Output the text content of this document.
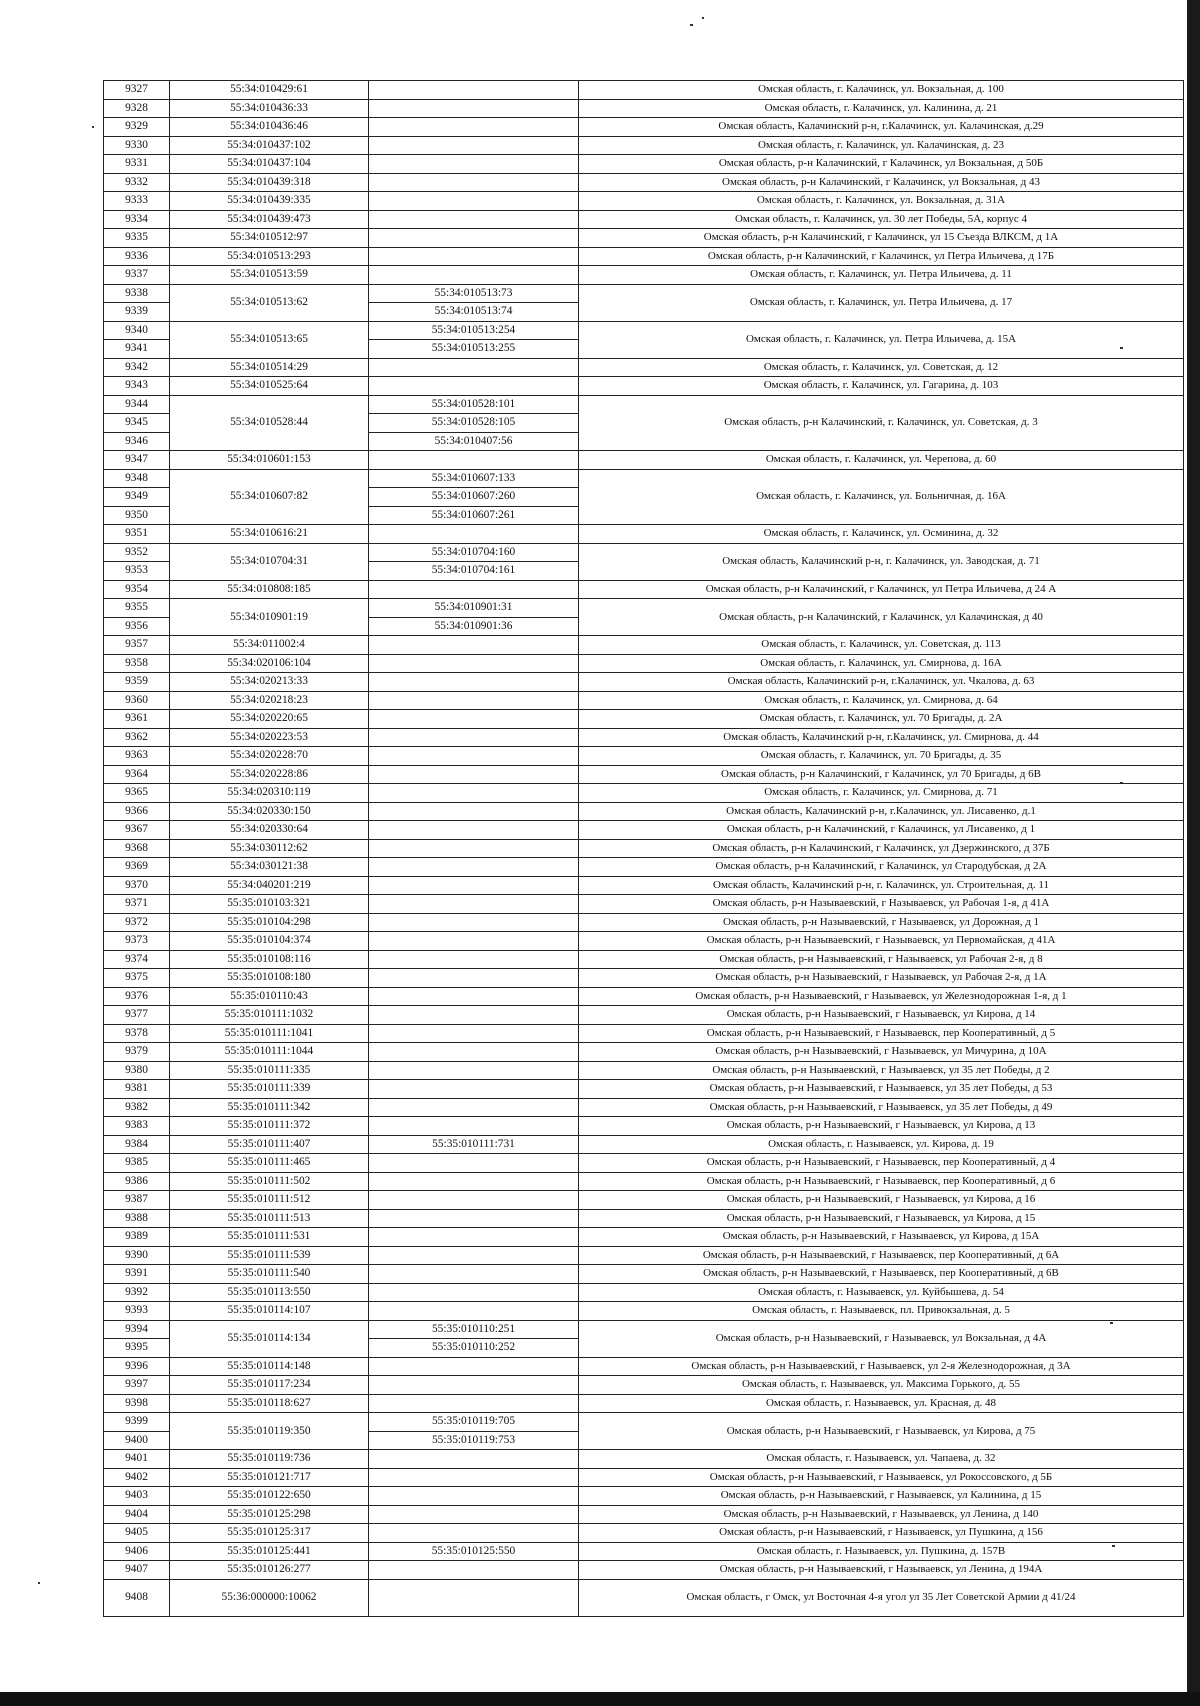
9327	55:34:010429:61		Омская область, г. Калачинск, ул. Вокзальная, д. 100
9328	55:34:010436:33		Омская область, г. Калачинск, ул. Калинина, д. 21
9329	55:34:010436:46		Омская область, Калачинский р-н, г.Калачинск, ул. Калачинская, д.29
9330	55:34:010437:102		Омская область, г. Калачинск, ул. Калачинская, д. 23
9331	55:34:010437:104		Омская область, р-н Калачинский, г Калачинск, ул Вокзальная, д 50Б
9332	55:34:010439:318		Омская область, р-н Калачинский, г Калачинск, ул Вокзальная, д 43
9333	55:34:010439:335		Омская область, г. Калачинск, ул. Вокзальная, д. 31А
9334	55:34:010439:473		Омская область, г. Калачинск, ул. 30 лет Победы, 5А, корпус 4
9335	55:34:010512:97		Омская область, р-н Калачинский, г Калачинск, ул 15 Съезда ВЛКСМ, д 1А
9336	55:34:010513:293		Омская область, р-н Калачинский, г Калачинск, ул Петра Ильичева, д 17Б
9337	55:34:010513:59		Омская область, г. Калачинск, ул. Петра Ильичева, д. 11
9338	55:34:010513:62	55:34:010513:73	Омская область, г. Калачинск, ул. Петра Ильичева, д. 17
9339		55:34:010513:74	
9340	55:34:010513:65	55:34:010513:254	Омская область, г. Калачинск, ул. Петра Ильичева, д. 15А
9341		55:34:010513:255	
9342	55:34:010514:29		Омская область, г. Калачинск, ул. Советская, д. 12
9343	55:34:010525:64		Омская область, г. Калачинск, ул. Гагарина, д. 103
9344	55:34:010528:44	55:34:010528:101	Омская область, р-н Калачинский, г. Калачинск, ул. Советская, д. 3
9345		55:34:010528:105	
9346		55:34:010407:56	
9347	55:34:010601:153		Омская область, г. Калачинск, ул. Черепова, д. 60
9348	55:34:010607:82	55:34:010607:133	Омская область, г. Калачинск, ул. Больничная, д. 16А
9349		55:34:010607:260	
9350		55:34:010607:261	
9351	55:34:010616:21		Омская область, г. Калачинск, ул. Осминина, д. 32
9352	55:34:010704:31	55:34:010704:160	Омская область, Калачинский р-н, г. Калачинск, ул. Заводская, д. 71
9353		55:34:010704:161	
9354	55:34:010808:185		Омская область, р-н Калачинский, г Калачинск, ул Петра Ильичева, д 24 А
9355	55:34:010901:19	55:34:010901:31	Омская область, р-н Калачинский, г Калачинск, ул Калачинская, д 40
9356		55:34:010901:36	
9357	55:34:011002:4		Омская область, г. Калачинск, ул. Советская, д. 113
9358	55:34:020106:104		Омская область, г. Калачинск, ул. Смирнова, д. 16А
9359	55:34:020213:33		Омская область, Калачинский р-н, г.Калачинск, ул. Чкалова, д. 63
9360	55:34:020218:23		Омская область, г. Калачинск, ул. Смирнова, д. 64
9361	55:34:020220:65		Омская область, г. Калачинск, ул. 70 Бригады, д. 2А
9362	55:34:020223:53		Омская область, Калачинский р-н, г.Калачинск, ул. Смирнова, д. 44
9363	55:34:020228:70		Омская область, г. Калачинск, ул. 70 Бригады, д. 35
9364	55:34:020228:86		Омская область, р-н Калачинский, г Калачинск, ул 70 Бригады, д 6В
9365	55:34:020310:119		Омская область, г. Калачинск, ул. Смирнова, д. 71
9366	55:34:020330:150		Омская область, Калачинский р-н, г.Калачинск, ул. Лисавенко, д.1
9367	55:34:020330:64		Омская область, р-н Калачинский, г Калачинск, ул Лисавенко, д 1
9368	55:34:030112:62		Омская область, р-н Калачинский, г Калачинск, ул Дзержинского, д 37Б
9369	55:34:030121:38		Омская область, р-н Калачинский, г Калачинск, ул Стародубская, д 2А
9370	55:34:040201:219		Омская область, Калачинский р-н, г. Калачинск, ул. Строительная, д. 11
9371	55:35:010103:321		Омская область, р-н Называевский, г Называевск, ул Рабочая 1-я, д 41А
9372	55:35:010104:298		Омская область, р-н Называевский, г Называевск, ул Дорожная, д 1
9373	55:35:010104:374		Омская область, р-н Называевский, г Называевск, ул Первомайская, д 41А
9374	55:35:010108:116		Омская область, р-н Называевский, г Называевск, ул Рабочая 2-я, д 8
9375	55:35:010108:180		Омская область, р-н Называевский, г Называевск, ул Рабочая 2-я, д 1А
9376	55:35:010110:43		Омская область, р-н Называевский, г Называевск, ул Железнодорожная 1-я, д 1
9377	55:35:010111:1032		Омская область, р-н Называевский, г Называевск, ул Кирова, д 14
9378	55:35:010111:1041		Омская область, р-н Называевский, г Называевск, пер Кооперативный, д 5
9379	55:35:010111:1044		Омская область, р-н Называевский, г Называевск, ул Мичурина, д 10А
9380	55:35:010111:335		Омская область, р-н Называевский, г Называевск, ул 35 лет Победы, д 2
9381	55:35:010111:339		Омская область, р-н Называевский, г Называевск, ул 35 лет Победы, д 53
9382	55:35:010111:342		Омская область, р-н Называевский, г Называевск, ул 35 лет Победы, д 49
9383	55:35:010111:372		Омская область, р-н Называевский, г Называевск, ул Кирова, д 13
9384	55:35:010111:407	55:35:010111:731	Омская область, г. Называевск, ул. Кирова, д. 19
9385	55:35:010111:465		Омская область, р-н Называевский, г Называевск, пер Кооперативный, д 4
9386	55:35:010111:502		Омская область, р-н Называевский, г Называевск, пер Кооперативный, д 6
9387	55:35:010111:512		Омская область, р-н Называевский, г Называевск, ул Кирова, д 16
9388	55:35:010111:513		Омская область, р-н Называевский, г Называевск, ул Кирова, д 15
9389	55:35:010111:531		Омская область, р-н Называевский, г Называевск, ул Кирова, д 15А
9390	55:35:010111:539		Омская область, р-н Называевский, г Называевск, пер Кооперативный, д 6А
9391	55:35:010111:540		Омская область, р-н Называевский, г Называевск, пер Кооперативный, д 6В
9392	55:35:010113:550		Омская область, г. Называевск, ул. Куйбышева, д. 54
9393	55:35:010114:107		Омская область, г. Называевск, пл. Привокзальная, д. 5
9394	55:35:010114:134	55:35:010110:251	Омская область, р-н Называевский, г Называевск, ул Вокзальная, д 4А
9395		55:35:010110:252	
9396	55:35:010114:148		Омская область, р-н Называевский, г Называевск, ул 2-я Железнодорожная, д 3А
9397	55:35:010117:234		Омская область, г. Называевск, ул. Максима Горького, д. 55
9398	55:35:010118:627		Омская область, г. Называевск, ул. Красная, д. 48
9399	55:35:010119:350	55:35:010119:705	Омская область, р-н Называевский, г Называевск, ул Кирова, д 75
9400		55:35:010119:753	
9401	55:35:010119:736		Омская область, г. Называевск, ул. Чапаева, д. 32
9402	55:35:010121:717		Омская область, р-н Называевский, г Называевск, ул Рокоссовского, д 5Б
9403	55:35:010122:650		Омская область, р-н Называевский, г Называевск, ул Калинина, д 15
9404	55:35:010125:298		Омская область, р-н Называевский, г Называевск, ул Ленина, д 140
9405	55:35:010125:317		Омская область, р-н Называевский, г Называевск, ул Пушкина, д 156
9406	55:35:010125:441	55:35:010125:550	Омская область, г. Называевск, ул. Пушкина, д. 157В
9407	55:35:010126:277		Омская область, р-н Называевский, г Называевск, ул Ленина, д 194А
9408	55:36:000000:10062		Омская область, г Омск, ул Восточная 4-я угол ул 35 Лет Советской Армии д 41/24
